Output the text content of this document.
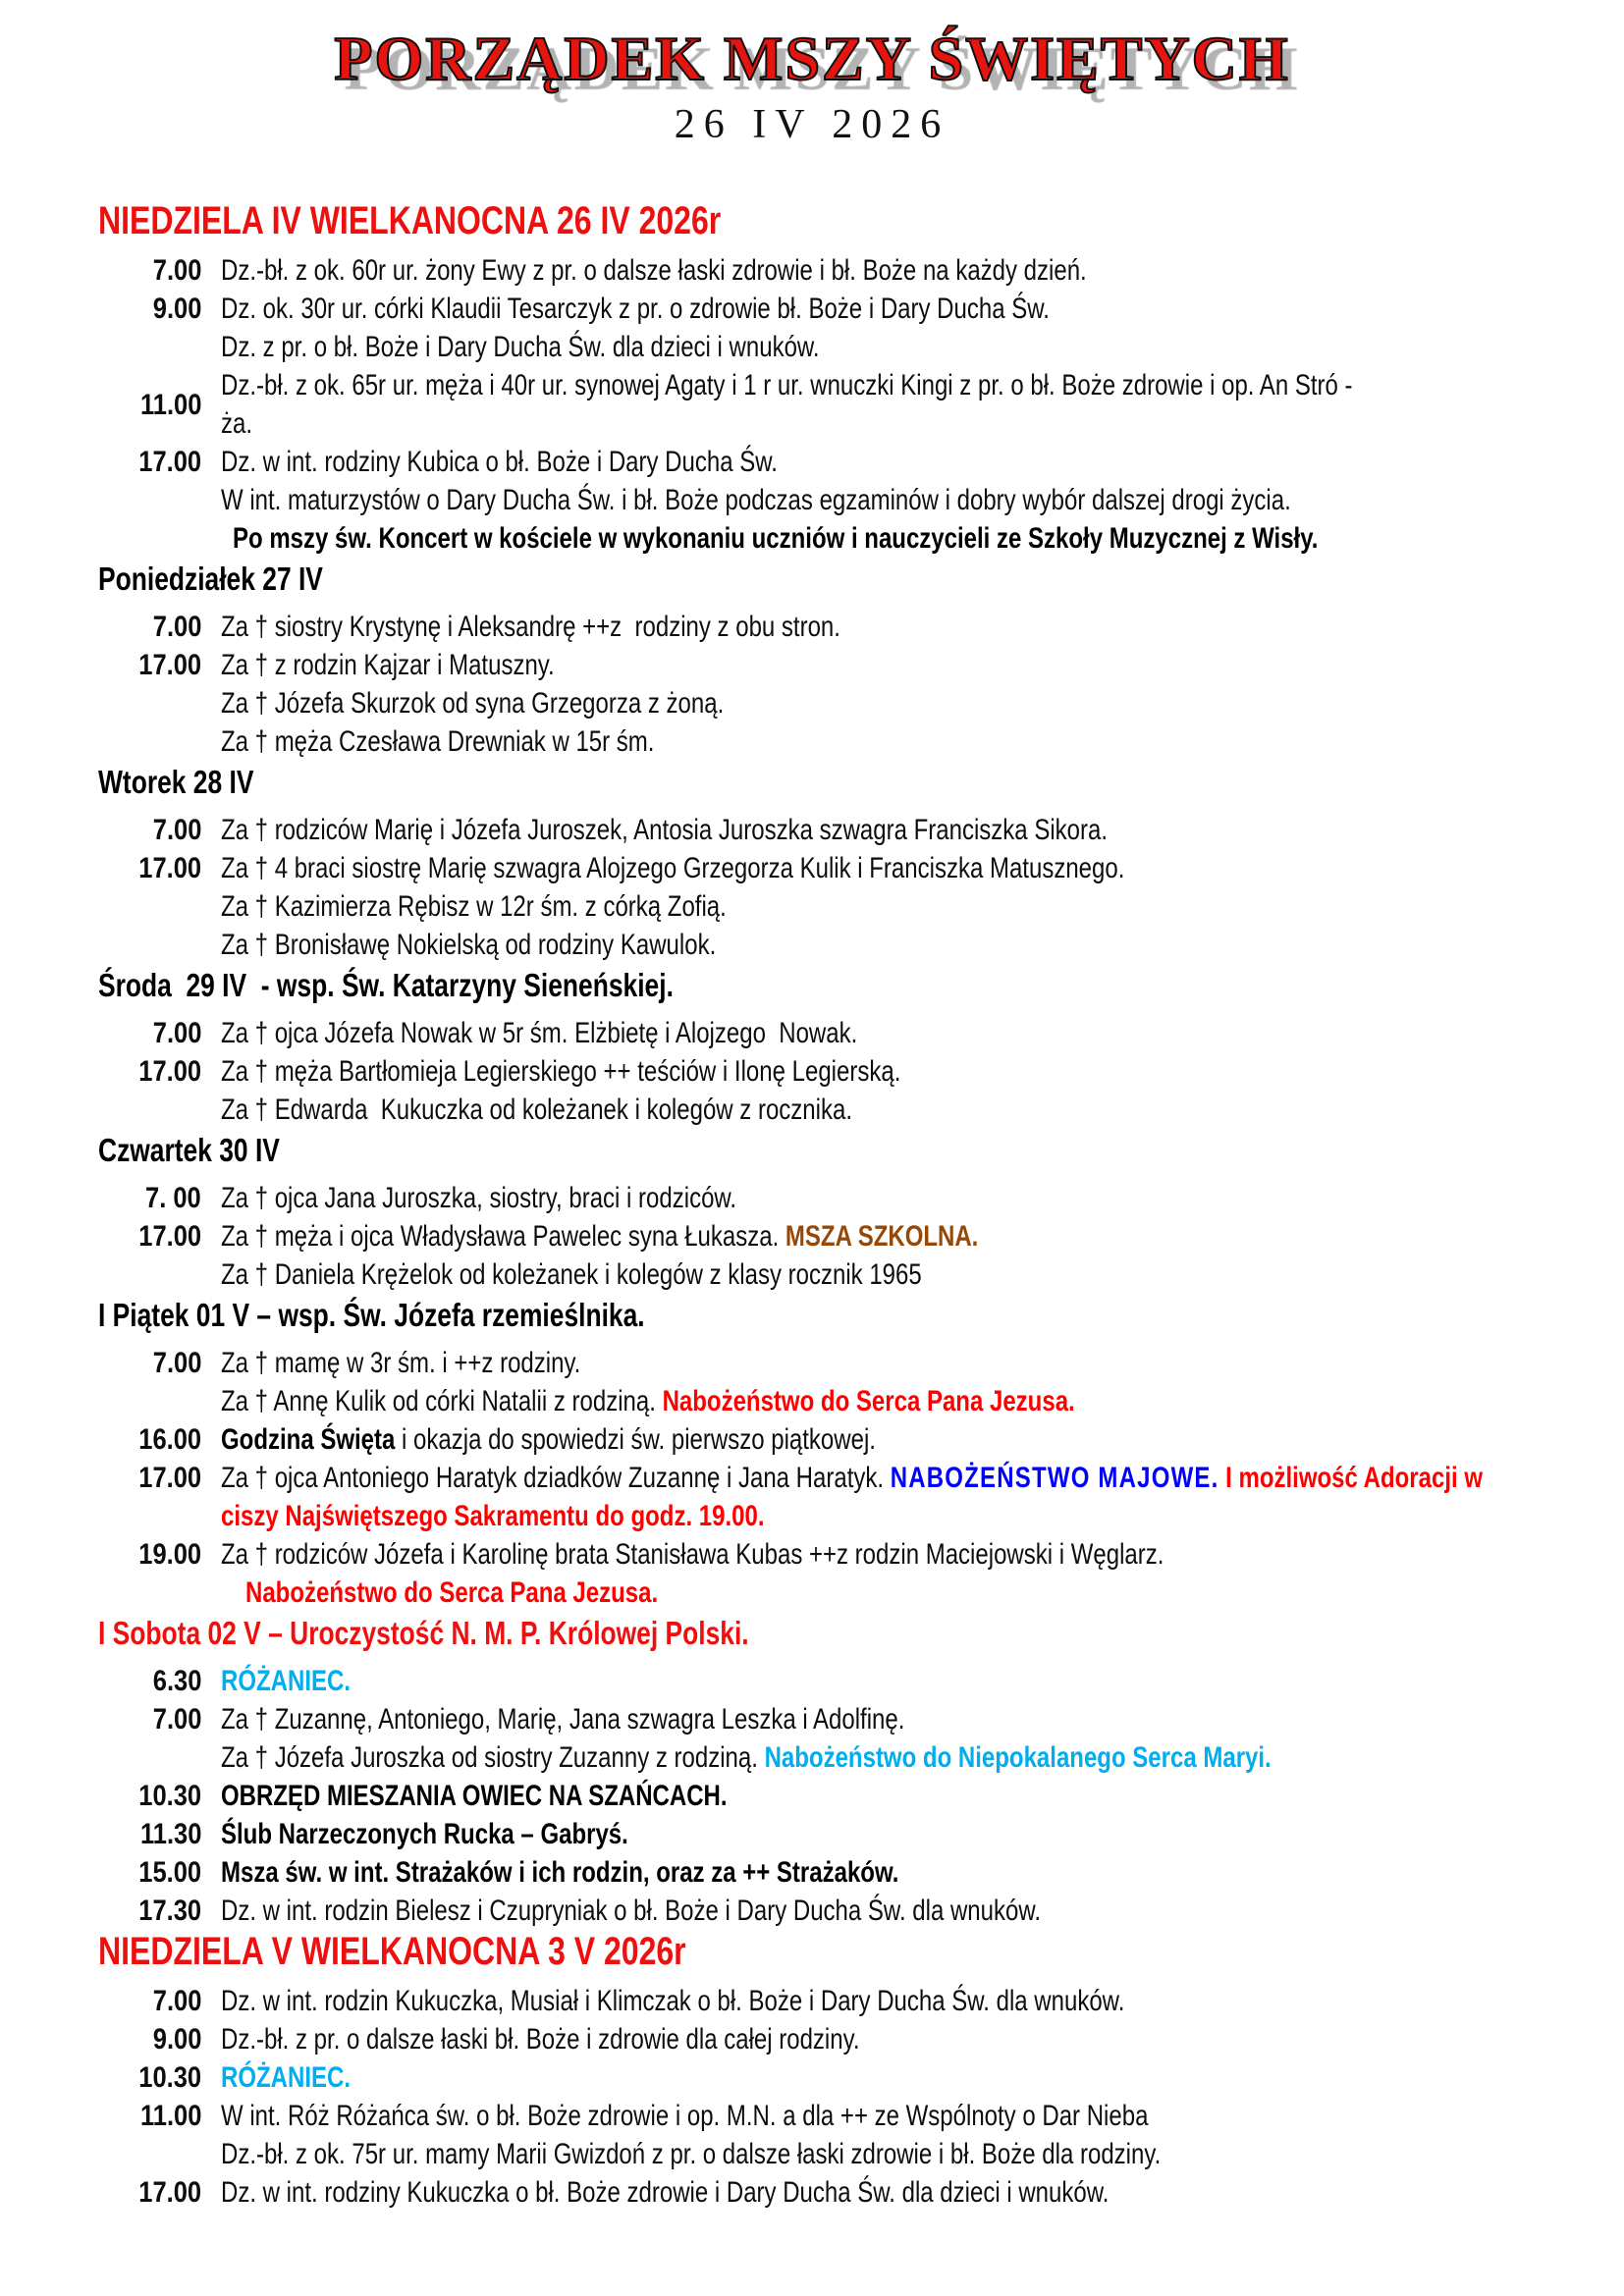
PORZĄDEK MSZY ŚWIĘTYCH
26 IV 2026
NIEDZIELA IV WIELKANOCNA 26 IV 2026r
7.00 Dz.-bł. z ok. 60r ur. żony Ewy z pr. o dalsze łaski zdrowie i bł. Boże na każdy dzień.
9.00 Dz. ok. 30r ur. córki Klaudii Tesarczyk z pr. o zdrowie bł. Boże i Dary Ducha Św.
Dz. z pr. o bł. Boże i Dary Ducha Św. dla dzieci i wnuków.
11.00
Dz.-bł. z ok. 65r ur. męża i 40r ur. synowej Agaty i 1 r ur. wnuczki Kingi z pr. o bł. Boże zdrowie i op. An Stró -
ża.
17.00 Dz. w int. rodziny Kubica o bł. Boże i Dary Ducha Św.
W int. maturzystów o Dary Ducha Św. i bł. Boże podczas egzaminów i dobry wybór dalszej drogi życia.
Po mszy św. Koncert w kościele w wykonaniu uczniów i nauczycieli ze Szkoły Muzycznej z Wisły.
Poniedziałek 27 IV
7.00 Za † siostry Krystynę i Aleksandrę ++z  rodziny z obu stron.
17.00 Za † z rodzin Kajzar i Matuszny.
Za † Józefa Skurzok od syna Grzegorza z żoną.
Za † męża Czesława Drewniak w 15r śm.
Wtorek 28 IV
7.00 Za † rodziców Marię i Józefa Juroszek, Antosia Juroszka szwagra Franciszka Sikora.
17.00 Za † 4 braci siostrę Marię szwagra Alojzego Grzegorza Kulik i Franciszka Matusznego.
Za † Kazimierza Rębisz w 12r śm. z córką Zofią.
Za † Bronisławę Nokielską od rodziny Kawulok.
Środa  29 IV  - wsp. Św. Katarzyny Sieneńskiej.
7.00 Za † ojca Józefa Nowak w 5r śm. Elżbietę i Alojzego  Nowak.
17.00 Za † męża Bartłomieja Legierskiego ++ teściów i Ilonę Legierską.
Za † Edwarda  Kukuczka od koleżanek i kolegów z rocznika.
Czwartek 30 IV
7. 00 Za † ojca Jana Juroszka, siostry, braci i rodziców.
17.00 Za † męża i ojca Władysława Pawelec syna Łukasza. MSZA SZKOLNA.
Za † Daniela Krężelok od koleżanek i kolegów z klasy rocznik 1965
I Piątek 01 V – wsp. Św. Józefa rzemieślnika.
7.00 Za † mamę w 3r śm. i ++z rodziny.
Za † Annę Kulik od córki Natalii z rodziną. Nabożeństwo do Serca Pana Jezusa.
16.00 Godzina Święta i okazja do spowiedzi św. pierwszo piątkowej.
17.00 Za † ojca Antoniego Haratyk dziadków Zuzannę i Jana Haratyk. NABOŻEŃSTWO MAJOWE. I możliwość Adoracji w
ciszy Najświętszego Sakramentu do godz. 19.00.
19.00 Za † rodziców Józefa i Karolinę brata Stanisława Kubas ++z rodzin Maciejowski i Węglarz.
Nabożeństwo do Serca Pana Jezusa.
I Sobota 02 V – Uroczystość N. M. P. Królowej Polski.
6.30 RÓŻANIEC.
7.00 Za † Zuzannę, Antoniego, Marię, Jana szwagra Leszka i Adolfinę.
Za † Józefa Juroszka od siostry Zuzanny z rodziną. Nabożeństwo do Niepokalanego Serca Maryi.
10.30 OBRZĘD MIESZANIA OWIEC NA SZAŃCACH.
11.30 Ślub Narzeczonych Rucka – Gabryś.
15.00 Msza św. w int. Strażaków i ich rodzin, oraz za ++ Strażaków.
17.30 Dz. w int. rodzin Bielesz i Czupryniak o bł. Boże i Dary Ducha Św. dla wnuków.
NIEDZIELA V WIELKANOCNA 3 V 2026r
7.00 Dz. w int. rodzin Kukuczka, Musiał i Klimczak o bł. Boże i Dary Ducha Św. dla wnuków.
9.00 Dz.-bł. z pr. o dalsze łaski bł. Boże i zdrowie dla całej rodziny.
10.30 RÓŻANIEC.
11.00 W int. Róż Różańca św. o bł. Boże zdrowie i op. M.N. a dla ++ ze Wspólnoty o Dar Nieba
Dz.-bł. z ok. 75r ur. mamy Marii Gwizdoń z pr. o dalsze łaski zdrowie i bł. Boże dla rodziny.
17.00 Dz. w int. rodziny Kukuczka o bł. Boże zdrowie i Dary Ducha Św. dla dzieci i wnuków.
